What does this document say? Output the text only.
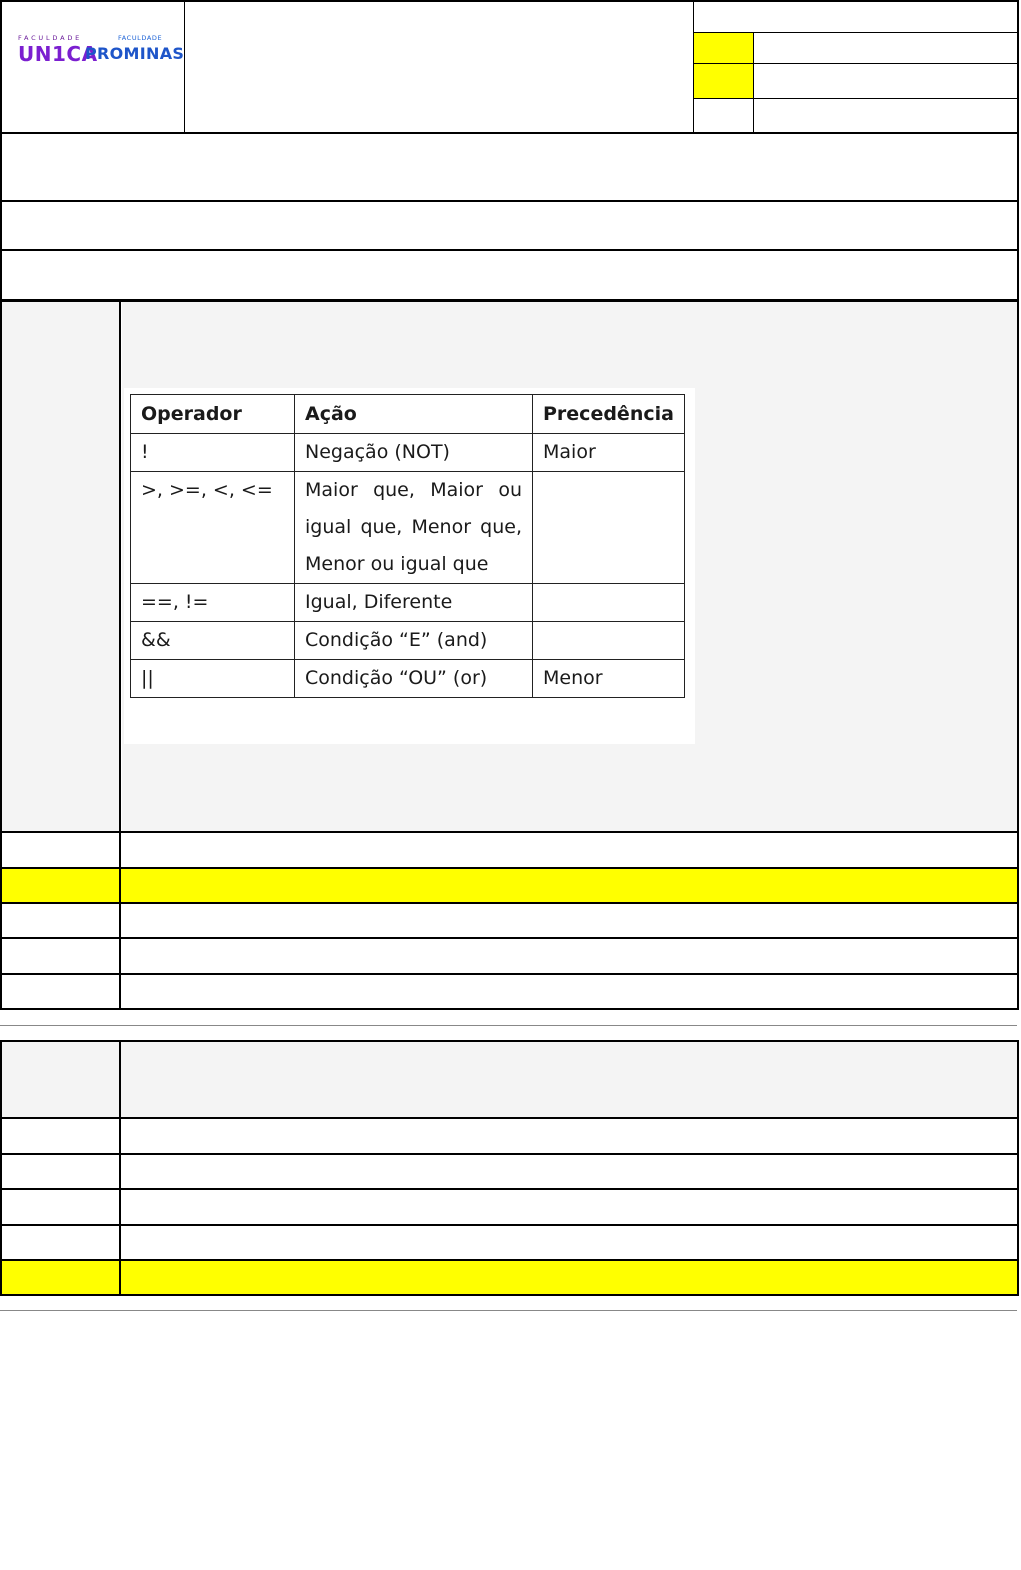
FACULDADE	FACULDADE
UN1CA
PROMINAS
Operador	Ação	Precedência
!	Negação (NOT)	Maior
>, >=, <, <=	Maior que, Maior ou igual que, Menor que, Menor ou igual que	
==, !=	Igual, Diferente	
&&	Condição “E” (and)	
||	Condição “OU” (or)	Menor
